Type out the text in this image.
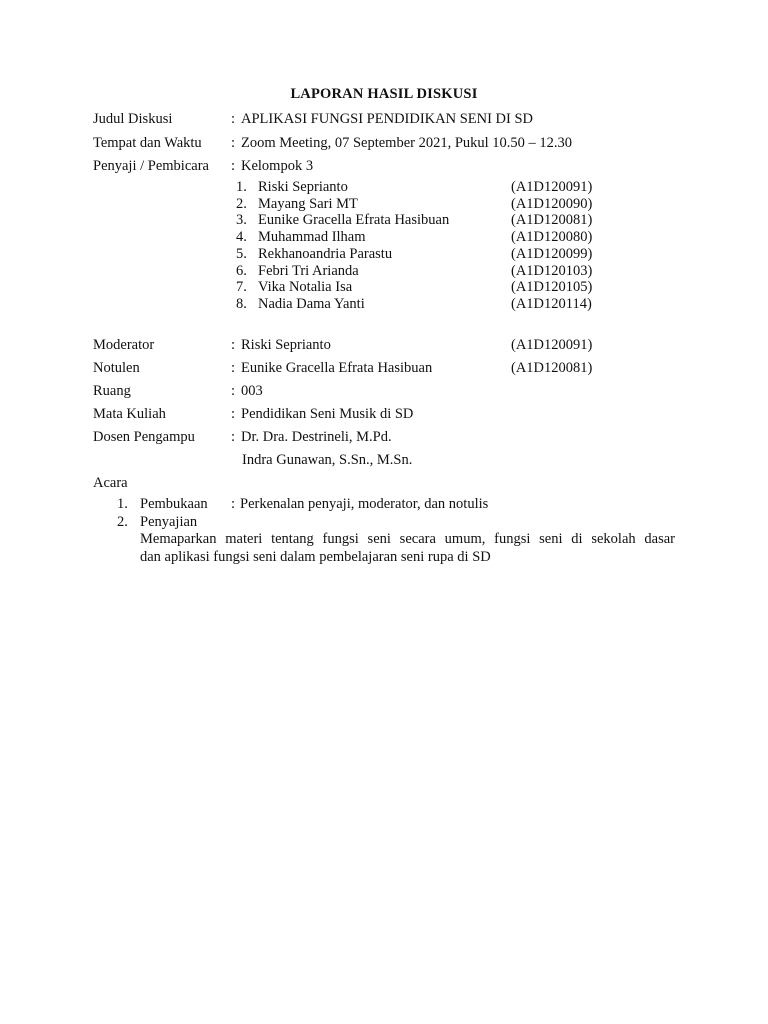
LAPORAN HASIL DISKUSI
Judul Diskusi	: APLIKASI FUNGSI PENDIDIKAN SENI DI SD
Tempat dan Waktu : Zoom Meeting, 07 September 2021, Pukul 10.50 – 12.30
Penyaji / Pembicara : Kelompok 3
1. Riski Seprianto	(A1D120091)
2. Mayang Sari MT	(A1D120090)
3. Eunike Gracella Efrata Hasibuan	(A1D120081)
4. Muhammad Ilham	(A1D120080)
5. Rekhanoandria Parastu	(A1D120099)
6. Febri Tri Arianda	(A1D120103)
7. Vika Notalia Isa	(A1D120105)
8. Nadia Dama Yanti	(A1D120114)
Moderator	: Riski Seprianto	(A1D120091)
Notulen	: Eunike Gracella Efrata Hasibuan	(A1D120081)
Ruang	: 003
Mata Kuliah	: Pendidikan Seni Musik di SD
Dosen Pengampu : Dr. Dra. Destrineli, M.Pd.
Indra Gunawan, S.Sn., M.Sn.
Acara
1. Pembukaan : Perkenalan penyaji, moderator, dan notulis
2. Penyajian
Memaparkan materi tentang fungsi seni secara umum, fungsi seni di sekolah dasar
dan aplikasi fungsi seni dalam pembelajaran seni rupa di SD
